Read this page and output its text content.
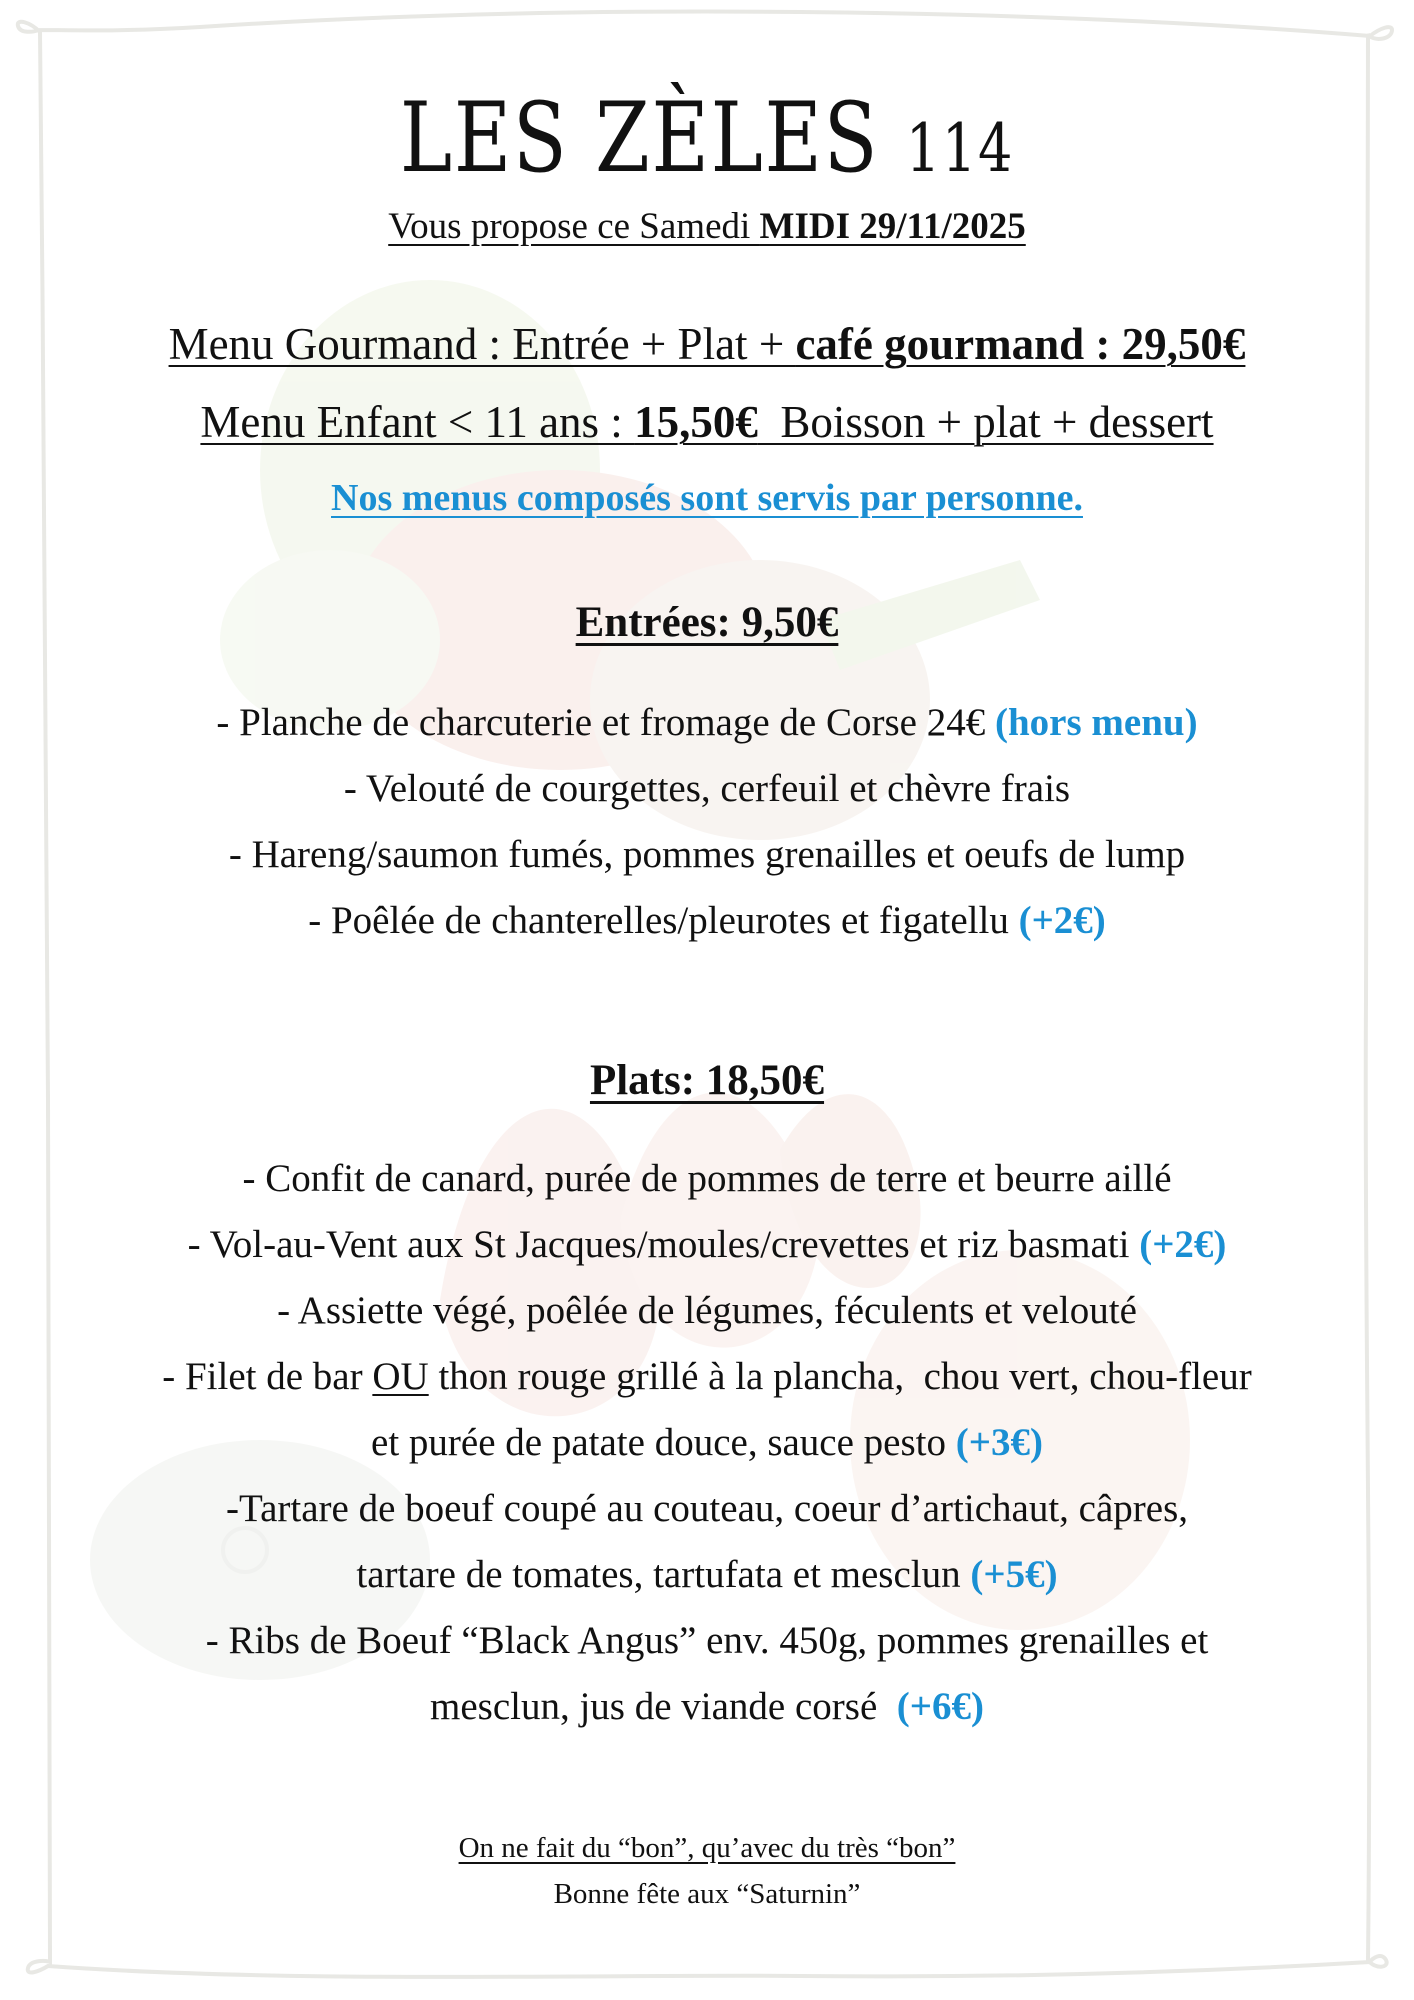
LES ZÈLES 114
Vous propose ce Samedi MIDI 29/11/2025
Menu Gourmand : Entrée + Plat + café gourmand : 29,50€
Menu Enfant < 11 ans : 15,50€  Boisson + plat + dessert
Nos menus composés sont servis par personne.
Entrées: 9,50€
- Planche de charcuterie et fromage de Corse 24€ (hors menu)
- Velouté de courgettes, cerfeuil et chèvre frais
- Hareng/saumon fumés, pommes grenailles et oeufs de lump
- Poêlée de chanterelles/pleurotes et figatellu (+2€)
Plats: 18,50€
- Confit de canard, purée de pommes de terre et beurre aillé
- Vol-au-Vent aux St Jacques/moules/crevettes et riz basmati (+2€)
- Assiette végé, poêlée de légumes, féculents et velouté
- Filet de bar OU thon rouge grillé à la plancha,  chou vert, chou-fleur
et purée de patate douce, sauce pesto (+3€)
-Tartare de boeuf coupé au couteau, coeur d’artichaut, câpres,
tartare de tomates, tartufata et mesclun (+5€)
- Ribs de Boeuf “Black Angus” env. 450g, pommes grenailles et
mesclun, jus de viande corsé  (+6€)
On ne fait du “bon”, qu’avec du très “bon”
Bonne fête aux “Saturnin”
